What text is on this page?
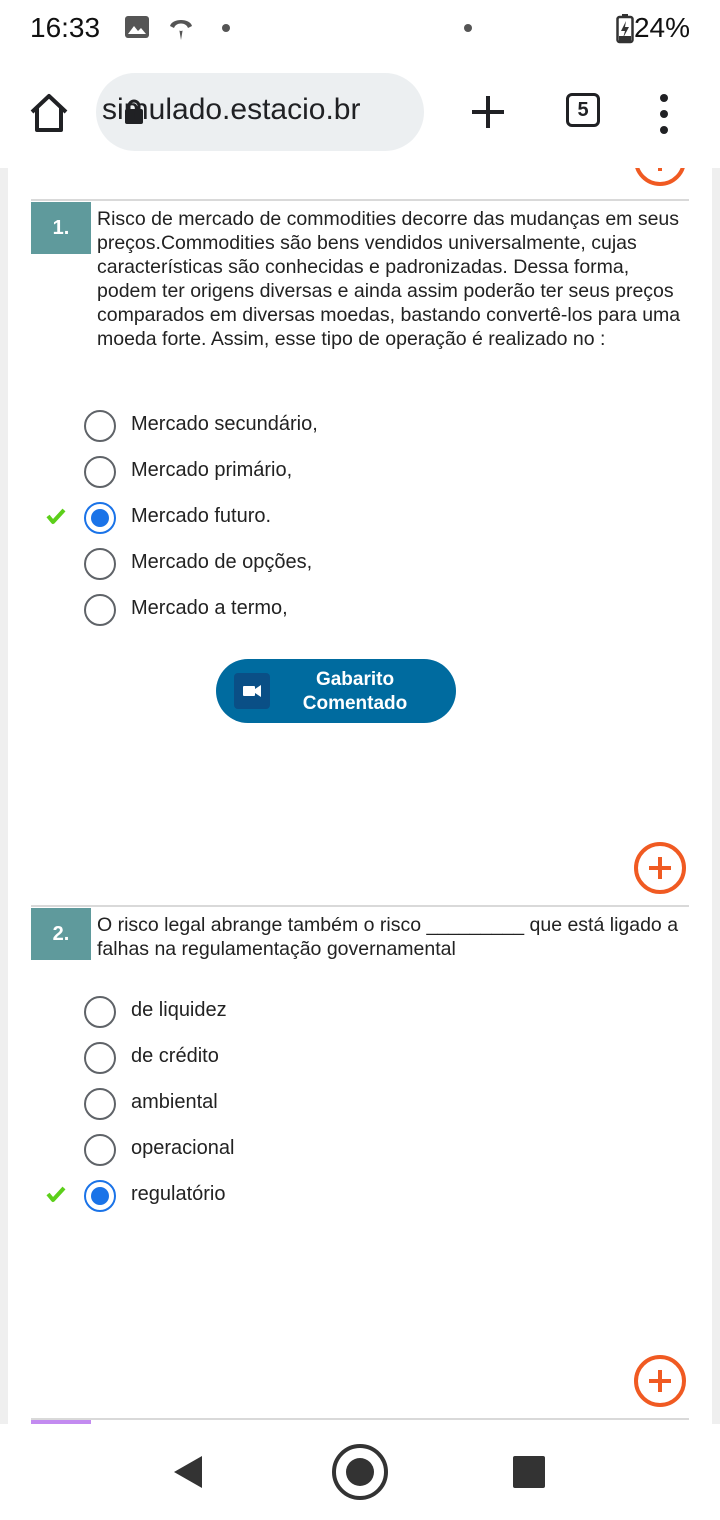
16:33	24%
simulado.estacio.br	5
1.	Risco de mercado de commodities decorre das mudanças em seus preços.Commodities são bens vendidos universalmente, cujas características são conhecidas e padronizadas. Dessa forma, podem ter origens diversas e ainda assim poderão ter seus preços comparados em diversas moedas, bastando convertê-los para uma moeda forte. Assim, esse tipo de operação é realizado no :
Mercado secundário,
Mercado primário,
Mercado futuro.
Mercado de opções,
Mercado a termo,
Gabarito
Comentado
2.	O risco legal abrange também o risco _________ que está ligado a falhas na regulamentação governamental
de liquidez
de crédito
ambiental
operacional
regulatório
